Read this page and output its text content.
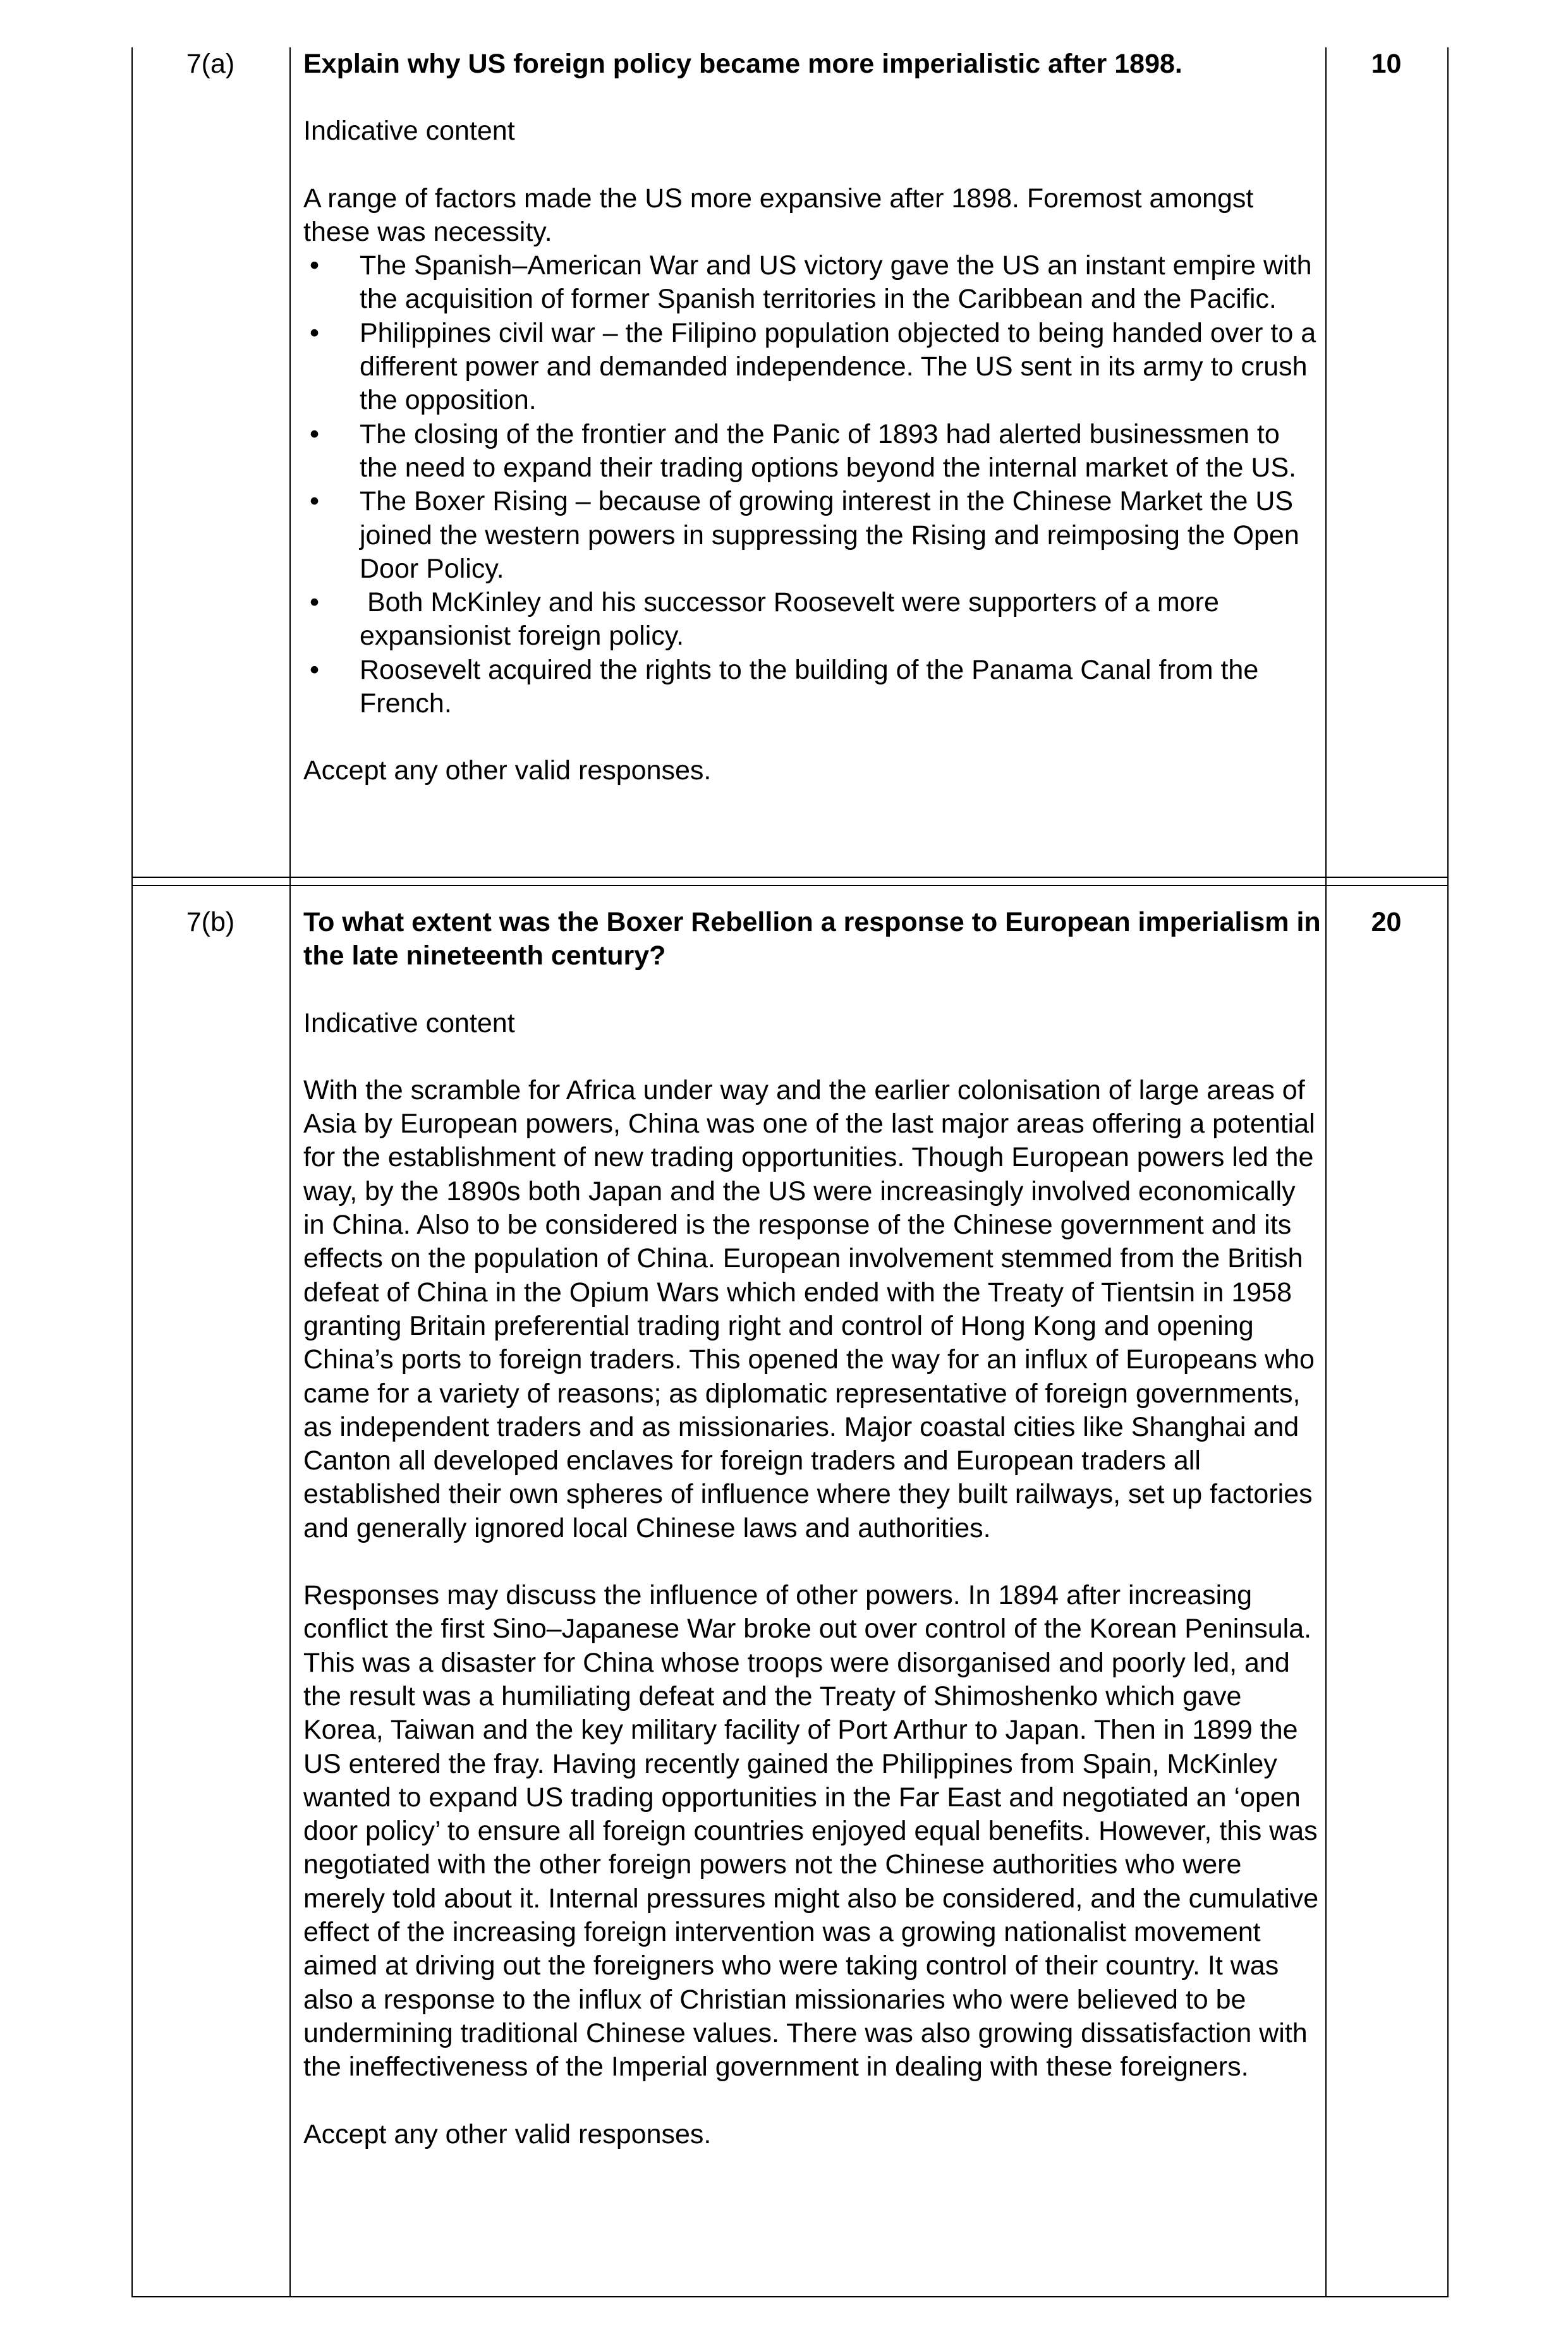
7(a)	10

Explain why US foreign policy became more imperialistic after 1898.

Indicative content

A range of factors made the US more expansive after 1898. Foremost amongst these was necessity.

• The Spanish–American War and US victory gave the US an instant empire with the acquisition of former Spanish territories in the Caribbean and the Pacific.
• Philippines civil war – the Filipino population objected to being handed over to a different power and demanded independence. The US sent in its army to crush the opposition.
• The closing of the frontier and the Panic of 1893 had alerted businessmen to the need to expand their trading options beyond the internal market of the US.
• The Boxer Rising – because of growing interest in the Chinese Market the US joined the western powers in suppressing the Rising and reimposing the Open Door Policy.
• Both McKinley and his successor Roosevelt were supporters of a more expansionist foreign policy.
• Roosevelt acquired the rights to the building of the Panama Canal from the French.

Accept any other valid responses.

7(b)	20

To what extent was the Boxer Rebellion a response to European imperialism in the late nineteenth century?

Indicative content

With the scramble for Africa under way and the earlier colonisation of large areas of Asia by European powers, China was one of the last major areas offering a potential for the establishment of new trading opportunities. Though European powers led the way, by the 1890s both Japan and the US were increasingly involved economically in China. Also to be considered is the response of the Chinese government and its effects on the population of China. European involvement stemmed from the British defeat of China in the Opium Wars which ended with the Treaty of Tientsin in 1958 granting Britain preferential trading right and control of Hong Kong and opening China’s ports to foreign traders. This opened the way for an influx of Europeans who came for a variety of reasons; as diplomatic representative of foreign governments, as independent traders and as missionaries. Major coastal cities like Shanghai and Canton all developed enclaves for foreign traders and European traders all established their own spheres of influence where they built railways, set up factories and generally ignored local Chinese laws and authorities.

Responses may discuss the influence of other powers. In 1894 after increasing conflict the first Sino–Japanese War broke out over control of the Korean Peninsula. This was a disaster for China whose troops were disorganised and poorly led, and the result was a humiliating defeat and the Treaty of Shimoshenko which gave Korea, Taiwan and the key military facility of Port Arthur to Japan. Then in 1899 the US entered the fray. Having recently gained the Philippines from Spain, McKinley wanted to expand US trading opportunities in the Far East and negotiated an ‘open door policy’ to ensure all foreign countries enjoyed equal benefits. However, this was negotiated with the other foreign powers not the Chinese authorities who were merely told about it. Internal pressures might also be considered, and the cumulative effect of the increasing foreign intervention was a growing nationalist movement aimed at driving out the foreigners who were taking control of their country. It was also a response to the influx of Christian missionaries who were believed to be undermining traditional Chinese values. There was also growing dissatisfaction with the ineffectiveness of the Imperial government in dealing with these foreigners.

Accept any other valid responses.
